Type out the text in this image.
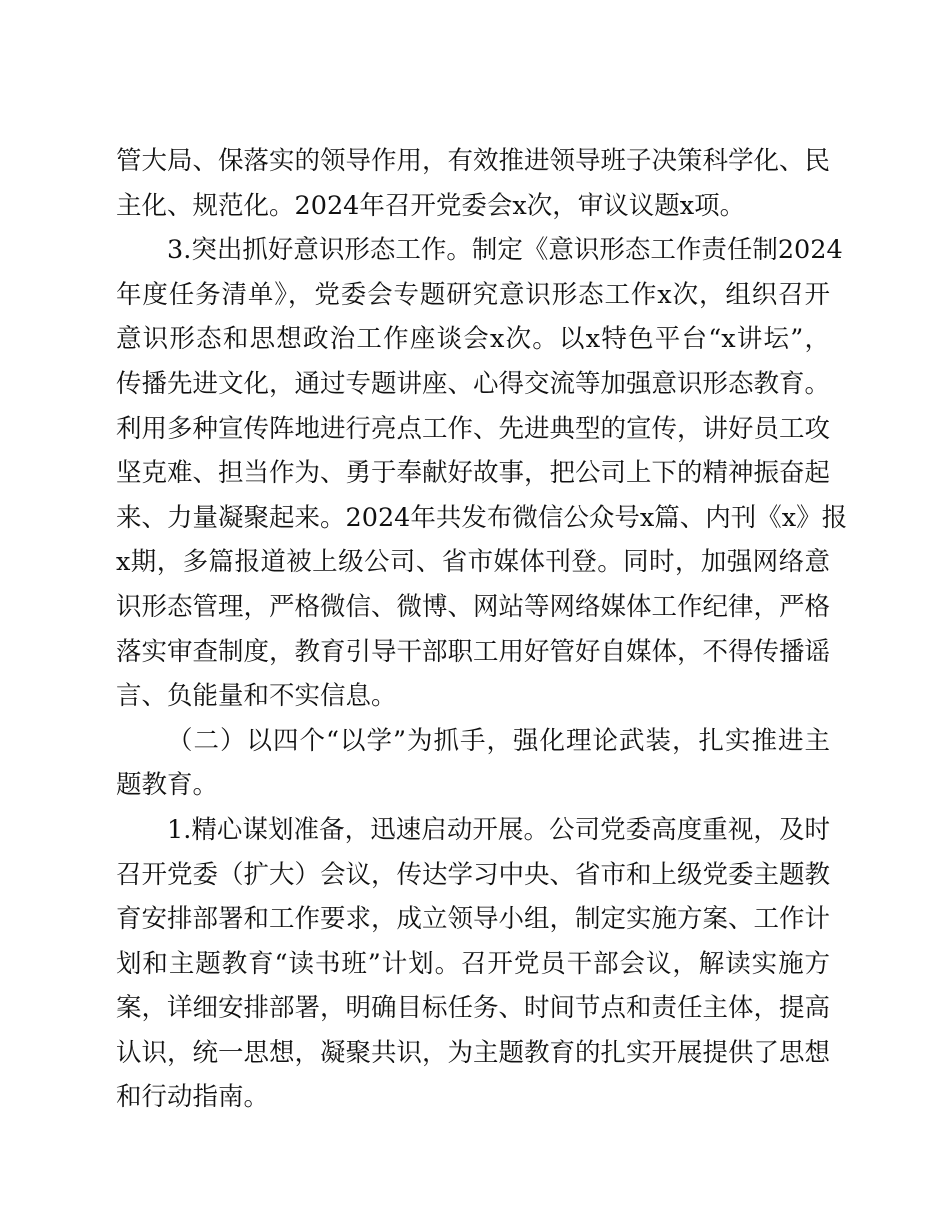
管大局、保落实的领导作用，有效推进领导班子决策科学化、民
主化、规范化。2024年召开党委会x次，审议议题x项。

3.突出抓好意识形态工作。制定《意识形态工作责任制2024
年度任务清单》，党委会专题研究意识形态工作x次，组织召开
意识形态和思想政治工作座谈会x次。以x特色平台“x讲坛”，
传播先进文化，通过专题讲座、心得交流等加强意识形态教育。
利用多种宣传阵地进行亮点工作、先进典型的宣传，讲好员工攻
坚克难、担当作为、勇于奉献好故事，把公司上下的精神振奋起
来、力量凝聚起来。2024年共发布微信公众号x篇、内刊《x》报
x期，多篇报道被上级公司、省市媒体刊登。同时，加强网络意
识形态管理，严格微信、微博、网站等网络媒体工作纪律，严格
落实审查制度，教育引导干部职工用好管好自媒体，不得传播谣
言、负能量和不实信息。

（二）以四个“以学”为抓手，强化理论武装，扎实推进主
题教育。

1.精心谋划准备，迅速启动开展。公司党委高度重视，及时
召开党委（扩大）会议，传达学习中央、省市和上级党委主题教
育安排部署和工作要求，成立领导小组，制定实施方案、工作计
划和主题教育“读书班”计划。召开党员干部会议，解读实施方
案，详细安排部署，明确目标任务、时间节点和责任主体，提高
认识，统一思想，凝聚共识，为主题教育的扎实开展提供了思想
和行动指南。
